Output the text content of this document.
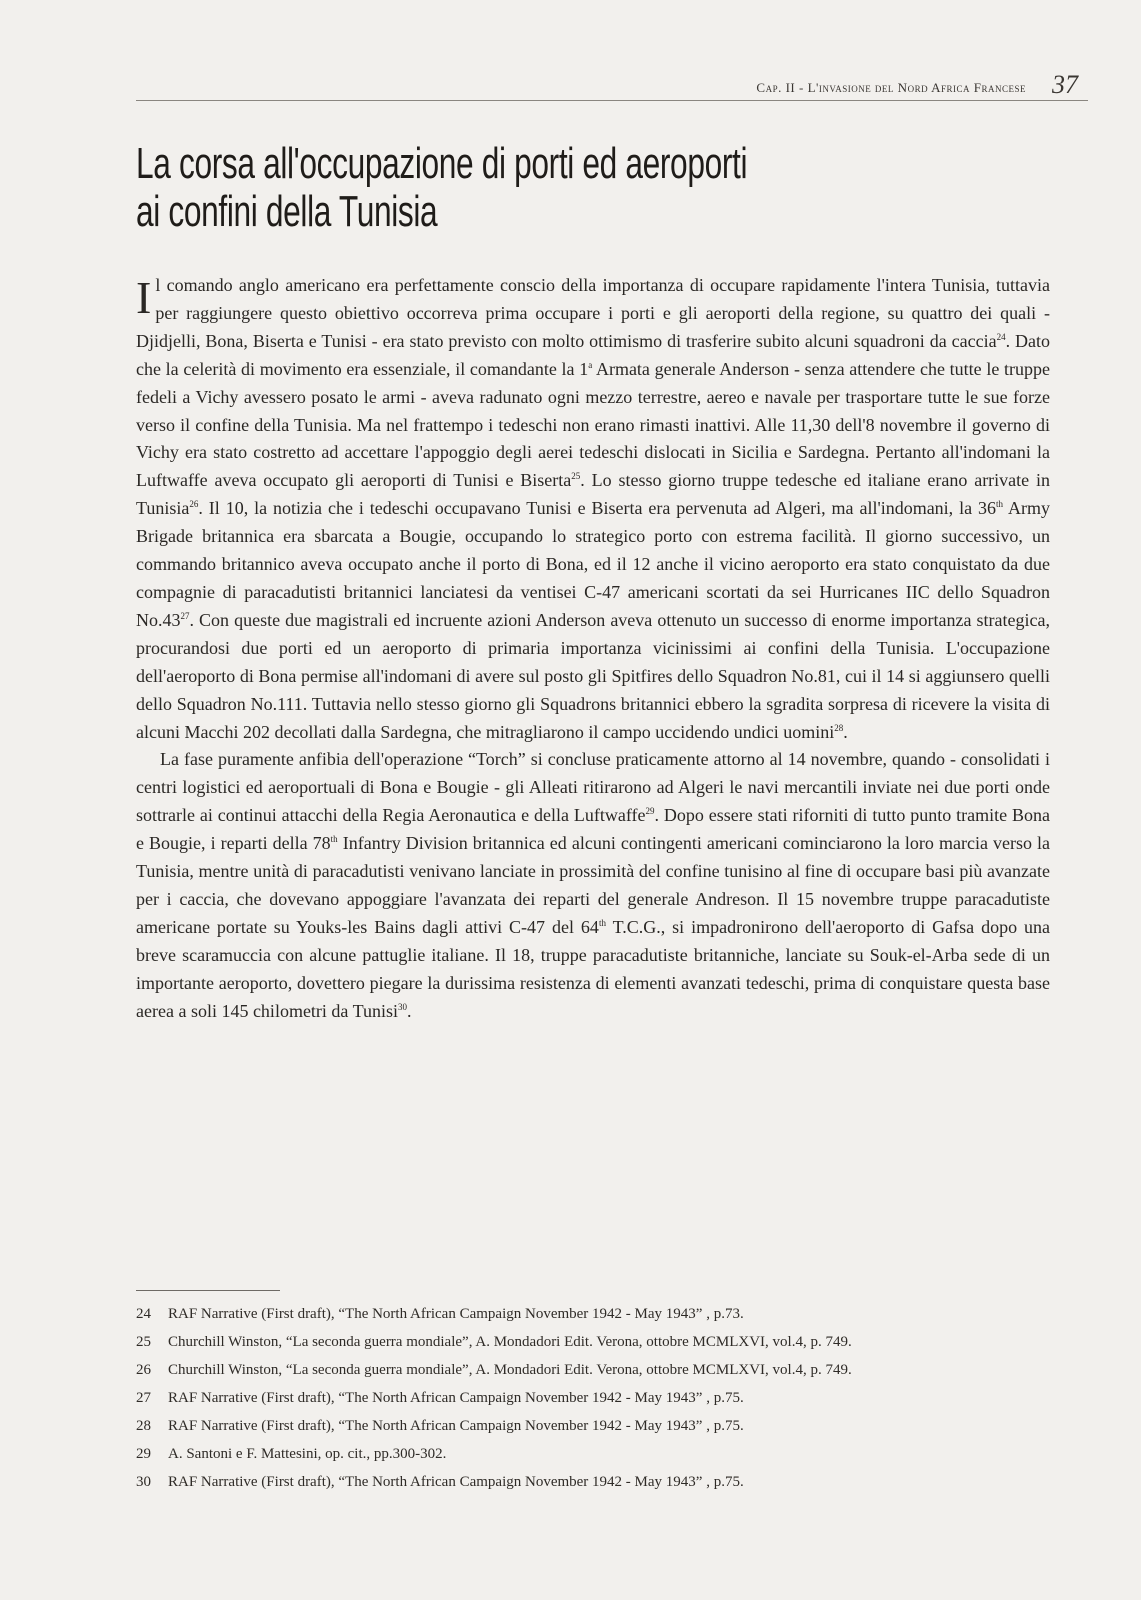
Cap. II - L'invasione del Nord Africa Francese 37
La corsa all'occupazione di porti ed aeroporti
ai confini della Tunisia

Il comando anglo americano era perfettamente conscio della importanza di occupare rapidamente l'intera Tunisia, tuttavia per raggiungere questo obiettivo occorreva prima occupare i porti e gli aeroporti della regione, su quattro dei quali - Djidjelli, Bona, Biserta e Tunisi - era stato previsto con molto ottimismo di trasferire subito alcuni squadroni da caccia$^{24}$. Dato che la celerità di movimento era essenziale, il comandante la 1$^a$ Armata generale Anderson - senza attendere che tutte le truppe fedeli a Vichy avessero posato le armi - aveva radunato ogni mezzo terrestre, aereo e navale per trasportare tutte le sue forze verso il confine della Tunisia. Ma nel frattempo i tedeschi non erano rimasti inattivi. Alle 11,30 dell'8 novembre il governo di Vichy era stato costretto ad accettare l'appoggio degli aerei tedeschi dislocati in Sicilia e Sardegna. Pertanto all'indomani la Luftwaffe aveva occupato gli aeroporti di Tunisi e Biserta$^{25}$. Lo stesso giorno truppe tedesche ed italiane erano arrivate in Tunisia$^{26}$. Il 10, la notizia che i tedeschi occupavano Tunisi e Biserta era pervenuta ad Algeri, ma all'indomani, la 36th Army Brigade britannica era sbarcata a Bougie, occupando lo strategico porto con estrema facilità. Il giorno successivo, un commando britannico aveva occupato anche il porto di Bona, ed il 12 anche il vicino aeroporto era stato conquistato da due compagnie di paracadutisti britannici lanciatesi da ventisei C-47 americani scortati da sei Hurricanes IIC dello Squadron $No.43^{27}$. Con queste due magistrali ed incruente azioni Anderson aveva ottenuto un successo di enorme importanza strategica, procurandosi due porti ed un aeroporto di primaria importanza vicinissimi ai confini della Tunisia. L'occupazione dell'aeroporto di Bona permise all'indomani di avere sul posto gli Spitfires dello Squadron No.81, cui il 14 si aggiunsero quelli dello Squadron No.111. Tuttavia nello stesso giorno gli Squadrons britannici ebbero la sgradita sorpresa di ricevere la visita di alcuni Macchi 202 decollati dalla Sardegna, che mitragliarono il campo uccidendo undici uomini$^{28}$.

La fase puramente anfibia dell'operazione “Torch” si concluse praticamente attorno al 14 novembre, quando - consolidati i centri logistici ed aeroportuali di Bona e Bougie - gli Alleati ritirarono ad Algeri le navi mercantili inviate nei due porti onde sottrarle ai continui attacchi della Regia Aeronautica e della Luftwaffe$^{29}$. Dopo essere stati riforniti di tutto punto tramite Bona e Bougie, i reparti della 78th Infantry Division britannica ed alcuni contingenti americani cominciarono la loro marcia verso la Tunisia, mentre unità di paracadutisti venivano lanciate in prossimità del confine tunisino al fine di occupare basi più avanzate per i caccia, che dovevano appoggiare l'avanzata dei reparti del generale Andreson. Il 15 novembre truppe paracadutiste americane portate su Youks-les Bains dagli attivi C-47 del 64th T.C.G., si impadronirono dell'aeroporto di Gafsa dopo una breve scaramuccia con alcune pattuglie italiane. Il 18, truppe paracadutiste britanniche, lanciate su Souk-el-Arba sede di un importante aeroporto, dovettero piegare la durissima resistenza di elementi avanzati tedeschi, prima di conquistare questa base aerea a soli 145 chilometri da Tunisi$^{30}$.

24	RAF Narrative (First draft), “The North African Campaign November 1942 - May 1943” , p.73.
25	Churchill Winston, “La seconda guerra mondiale”, A. Mondadori Edit. Verona, ottobre MCMLXVI, vol.4, p. 749.
26	Churchill Winston, “La seconda guerra mondiale”, A. Mondadori Edit. Verona, ottobre MCMLXVI, vol.4, p. 749.
27	RAF Narrative (First draft), “The North African Campaign November 1942 - May 1943” , p.75.
28	RAF Narrative (First draft), “The North African Campaign November 1942 - May 1943” , p.75.
29	A. Santoni e F. Mattesini, op. cit., pp.300-302.
30	RAF Narrative (First draft), “The North African Campaign November 1942 - May 1943” , p.75.
